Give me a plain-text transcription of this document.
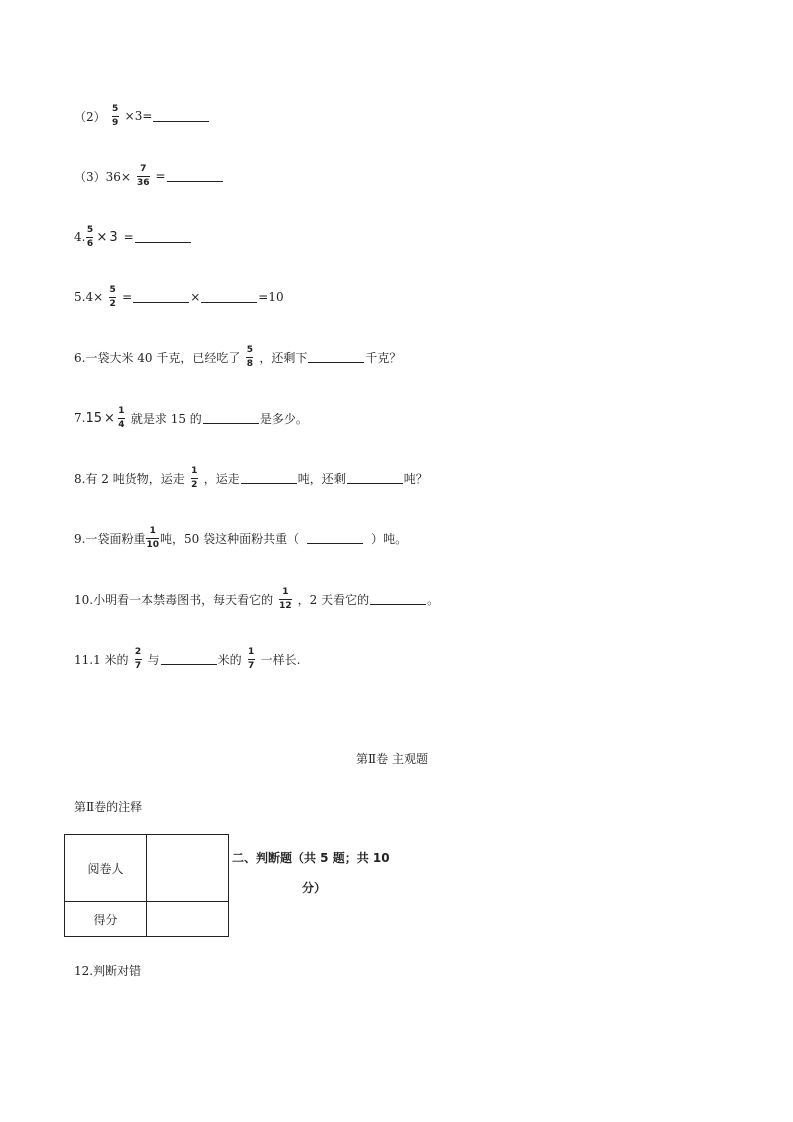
$(2) \frac{5}{9} \times 3=$
$(3)36\times \frac{7}{36}$ =
4. $\frac{5}{6} \times 3$ =
$5.4\times \frac{5}{2}$ =	×	=10
6.一袋大米 40 千克，已经吃了 $\frac{5}{8}$ ，还剩下	千克？
7. $15 \times \frac{1}{4}$ 就是求 15 的	是多少。
8.有 2 吨货物，运走 $\frac{1}{2}$ ，运走	吨，还剩	吨？
9.一袋面粉重 $\frac{1}{10}$ 吨，50 袋这种面粉共重（	）吨。
10.小明看一本禁毒图书，每天看它的 $\frac{1}{12}$ ，2 天看它的	。
11.1 米的 $\frac{2}{7}$ 与	米的 $\frac{1}{7}$ 一样长.
第Ⅱ卷 主观题
第Ⅱ卷的注释
阅卷人	
得分	
二、判断题（共 5 题；共 10
分）
12.判断对错
